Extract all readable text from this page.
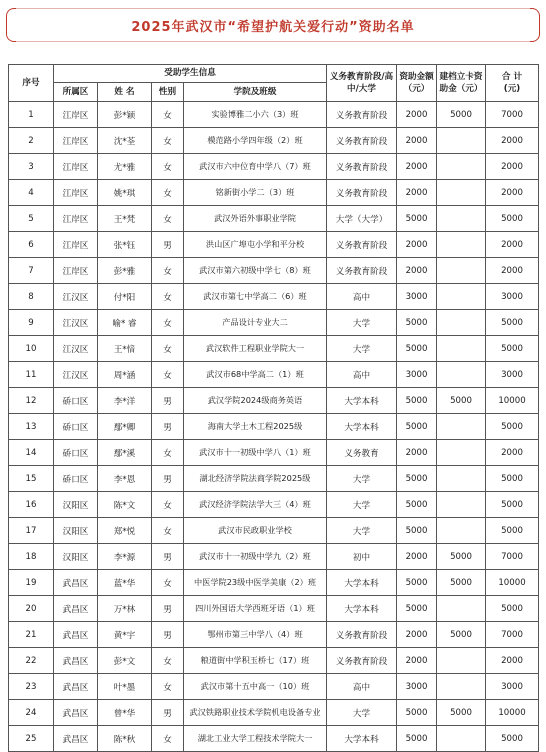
2025年武汉市“希望护航关爱行动”资助名单
序号	受助学生信息				义务教育阶段/高中/大学	资助金额（元）	建档立卡资助金（元）	合 计
(元)

	所属区	姓 名	性别	学院及班级				
1	江岸区	彭*颖	女	实验博雅二小六（3）班	义务教育阶段	2000	5000	7000
2	江岸区	沈*荃	女	模范路小学四年级（2）班	义务教育阶段	2000		2000
3	江岸区	尤*雅	女	武汉市六中位育中学八（7）班	义务教育阶段	2000		2000
4	江岸区	姚*琪	女	铭新街小学二（3）班	义务教育阶段	2000		2000
5	江岸区	王*梵	女	武汉外语外事职业学院	大学（大学）	5000		5000
6	江岸区	张*钰	男	洪山区广埠屯小学和平分校	义务教育阶段	2000		2000
7	江岸区	彭*雅	女	武汉市第六初级中学七（8）班	义务教育阶段	2000		2000
8	江汉区	付*阳	女	武汉市第七中学高二（6）班	高中	3000		3000
9	江汉区	喻* 睿	女	产品设计专业大二	大学	5000		5000
10	江汉区	王*愔	女	武汉软件工程职业学院大一	大学	5000		5000
11	江汉区	周*涵	女	武汉市68中学高二（1）班	高中	3000		3000
12	硚口区	李*洋	男	武汉学院2024级商务英语	大学本科	5000	5000	10000
13	硚口区	鄢*卿	男	海南大学土木工程2025级	大学本科	5000		5000
14	硚口区	鄢*溪	女	武汉市十一初级中学八（1）班	义务教育	2000		2000
15	硚口区	李*恩	男	湖北经济学院法商学院2025级	大学	5000		5000
16	汉阳区	陈*文	女	武汉经济学院法学大三（4）班	大学	5000		5000
17	汉阳区	郑*悦	女	武汉市民政职业学校	大学	5000		5000
18	汉阳区	李*源	男	武汉市十一初级中学九（2）班	初中	2000	5000	7000
19	武昌区	蓝*华	女	中医学院23级中医学美康（2）班	大学本科	5000	5000	10000
20	武昌区	万*林	男	四川外国语大学西班牙语（1）班	大学本科	5000		5000
21	武昌区	黄*宇	男	鄂州市第三中学八（4）班	义务教育阶段	2000	5000	7000
22	武昌区	彭*文	女	粮道街中学积玉桥七（17）班	义务教育阶段	2000		2000
23	武昌区	叶*墨	女	武汉市第十五中高一（10）班	高中	3000		3000
24	武昌区	曾*华	男	武汉铁路职业技术学院机电设备专业	大学	5000	5000	10000
25	武昌区	陈*秋	女	湖北工业大学工程技术学院大一	大学本科	5000		5000
